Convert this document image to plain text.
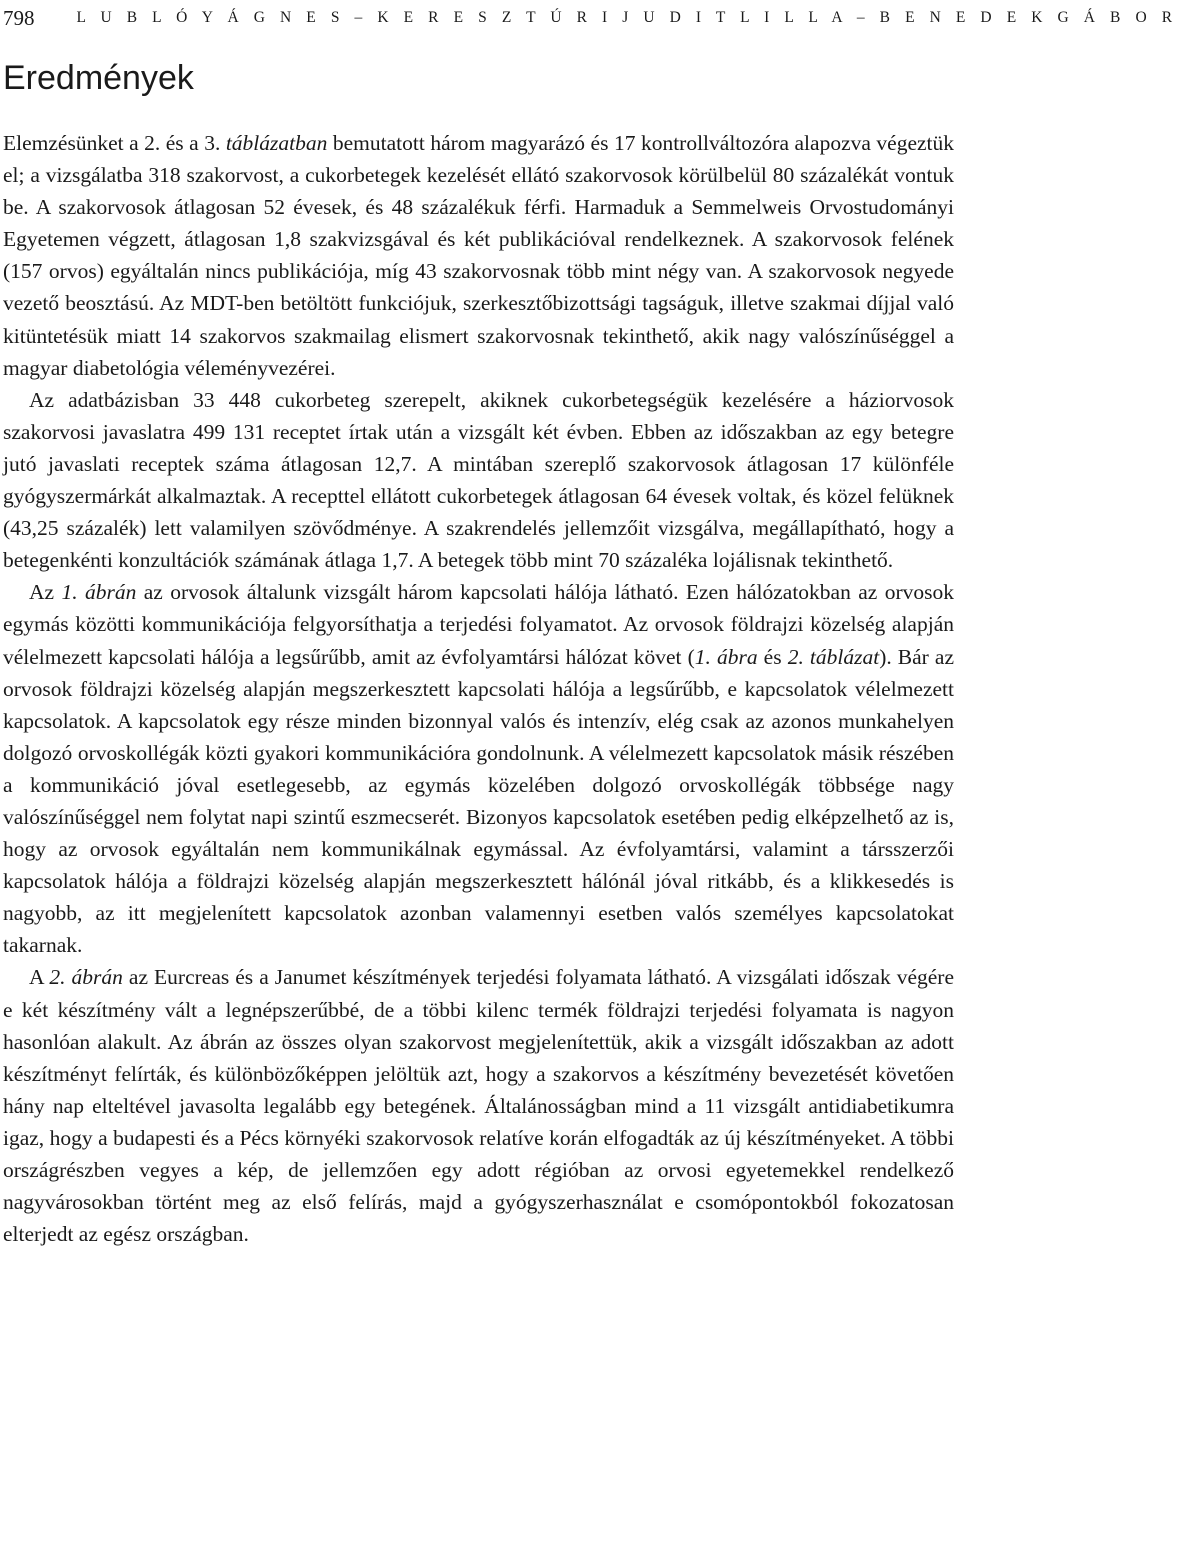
798	L U B L Ó Y Á G N E S – K E R E S Z T Ú R I J U D I T L I L L A – B E N E D E K G Á B O R
Eredmények

Elemzésünket a 2. és a 3. táblázatban bemutatott három magyarázó és 17 kontrollváltozóra alapozva végeztük el; a vizsgálatba 318 szakorvost, a cukorbetegek kezelését ellátó szakorvosok körülbelül 80 százalékát vontuk be. A szakorvosok átlagosan 52 évesek, és 48 százalékuk férfi. Harmaduk a Semmelweis Orvostudományi Egyetemen végzett, átlagosan 1,8 szakvizsgával és két publikációval rendelkeznek. A szakorvosok felének (157 orvos) egyáltalán nincs publikációja, míg 43 szakorvosnak több mint négy van. A szakorvosok negyede vezető beosztású. Az MDT-ben betöltött funkciójuk, szerkesztőbizottsági tagságuk, illetve szakmai díjjal való kitüntetésük miatt 14 szakorvos szakmailag elismert szakorvosnak tekinthető, akik nagy valószínűséggel a magyar diabetológia véleményvezérei.

Az adatbázisban 33 448 cukorbeteg szerepelt, akiknek cukorbetegségük kezelésére a háziorvosok szakorvosi javaslatra 499 131 receptet írtak után a vizsgált két évben. Ebben az időszakban az egy betegre jutó javaslati receptek száma átlagosan 12,7. A mintában szereplő szakorvosok átlagosan 17 különféle gyógyszermárkát alkalmaztak. A recepttel ellátott cukorbetegek átlagosan 64 évesek voltak, és közel felüknek (43,25 százalék) lett valamilyen szövődménye. A szakrendelés jellemzőit vizsgálva, megállapítható, hogy a betegenkénti konzultációk számának átlaga 1,7. A betegek több mint 70 százaléka lojálisnak tekinthető.

Az 1. ábrán az orvosok általunk vizsgált három kapcsolati hálója látható. Ezen hálózatokban az orvosok egymás közötti kommunikációja felgyorsíthatja a terjedési folyamatot. Az orvosok földrajzi közelség alapján vélelmezett kapcsolati hálója a legsűrűbb, amit az évfolyamtársi hálózat követ (1. ábra és 2. táblázat). Bár az orvosok földrajzi közelség alapján megszerkesztett kapcsolati hálója a legsűrűbb, e kapcsolatok vélelmezett kapcsolatok. A kapcsolatok egy része minden bizonnyal valós és intenzív, elég csak az azonos munkahelyen dolgozó orvoskollégák közti gyakori kommunikációra gondolnunk. A vélelmezett kapcsolatok másik részében a kommunikáció jóval esetlegesebb, az egymás közelében dolgozó orvoskollégák többsége nagy valószínűséggel nem folytat napi szintű eszmecserét. Bizonyos kapcsolatok esetében pedig elképzelhető az is, hogy az orvosok egyáltalán nem kommunikálnak egymással. Az évfolyamtársi, valamint a társszerzői kapcsolatok hálója a földrajzi közelség alapján megszerkesztett hálónál jóval ritkább, és a klikkesedés is nagyobb, az itt megjelenített kapcsolatok azonban valamennyi esetben valós személyes kapcsolatokat takarnak.

A 2. ábrán az Eurcreas és a Janumet készítmények terjedési folyamata látható. A vizsgálati időszak végére e két készítmény vált a legnépszerűbbé, de a többi kilenc termék földrajzi terjedési folyamata is nagyon hasonlóan alakult. Az ábrán az összes olyan szakorvost megjelenítettük, akik a vizsgált időszakban az adott készítményt felírták, és különbözőképpen jelöltük azt, hogy a szakorvos a készítmény bevezetését követően hány nap elteltével javasolta legalább egy betegének. Általánosságban mind a 11 vizsgált antidiabetikumra igaz, hogy a budapesti és a Pécs környéki szakorvosok relatíve korán elfogadták az új készítményeket. A többi országrészben vegyes a kép, de jellemzően egy adott régióban az orvosi egyetemekkel rendelkező nagyvárosokban történt meg az első felírás, majd a gyógyszerhasználat e csomópontokból fokozatosan elterjedt az egész országban.
